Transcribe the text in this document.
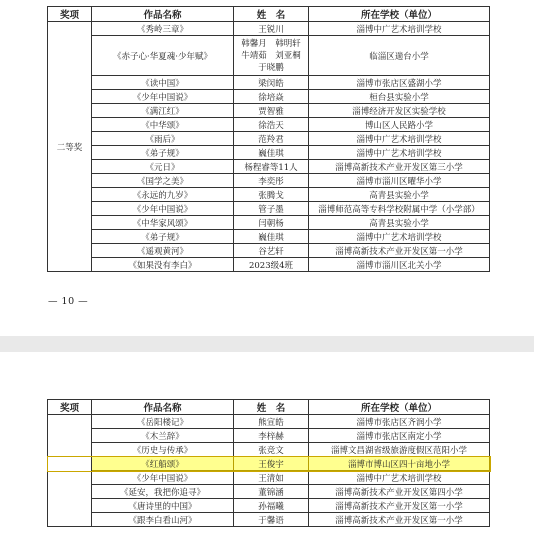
奖项	作品名称	姓　名	所在学校（单位）
二等奖	《秀岭三章》	王锐川	淄博中广艺术培训学校
	《赤子心·华夏魂·少年赋》	韩馨月　韩明轩
牛靖茹　刘亚桐
于晓鹏	临淄区遄台小学
	《读中国》	梁闵皓	淄博市张店区盛湖小学
	《少年中国说》	徐培焱	桓台县实验小学
	《满江红》	贾智雅	淄博经济开发区实验学校
	《中华颂》	徐浩天	博山区人民路小学
	《雨后》	范羚君	淄博中广艺术培训学校
	《弟子规》	巍佳琪	淄博中广艺术培训学校
	《元日》	杨程睿等11人	淄博高新技术产业开发区第三小学
	《国学之美》	李奕彤	淄博市淄川区曜华小学
	《永远的九岁》	张腾戈	高青县实验小学
	《少年中国说》	管子墨	淄博师范高等专科学校附属中学（小学部）
	《中华家风颂》	闫朝杨	高青县实验小学
	《弟子规》	巍佳琪	淄博中广艺术培训学校
	《遥观黄河》	谷艺轩	淄博高新技术产业开发区第一小学
	《如果没有李白》	2023级4班	淄博市淄川区北关小学
— 10 —
奖项	作品名称	姓　名	所在学校（单位）
	《岳阳楼记》	熊宣皓	淄博市张店区齐润小学
	《木兰辞》	李梓赫	淄博市张店区南定小学
	《历史与传承》	张竞文	淄博文昌湖省级旅游度假区范阳小学
	《红船颂》	王俊宇	淄博市博山区四十亩地小学
	《少年中国说》	王清如	淄博中广艺术培训学校
	《延安，我把你追寻》	董锦涵	淄博高新技术产业开发区第四小学
	《唐诗里的中国》	孙福曦	淄博高新技术产业开发区第一小学
	《跟李白看山河》	于馨语	淄博高新技术产业开发区第一小学
